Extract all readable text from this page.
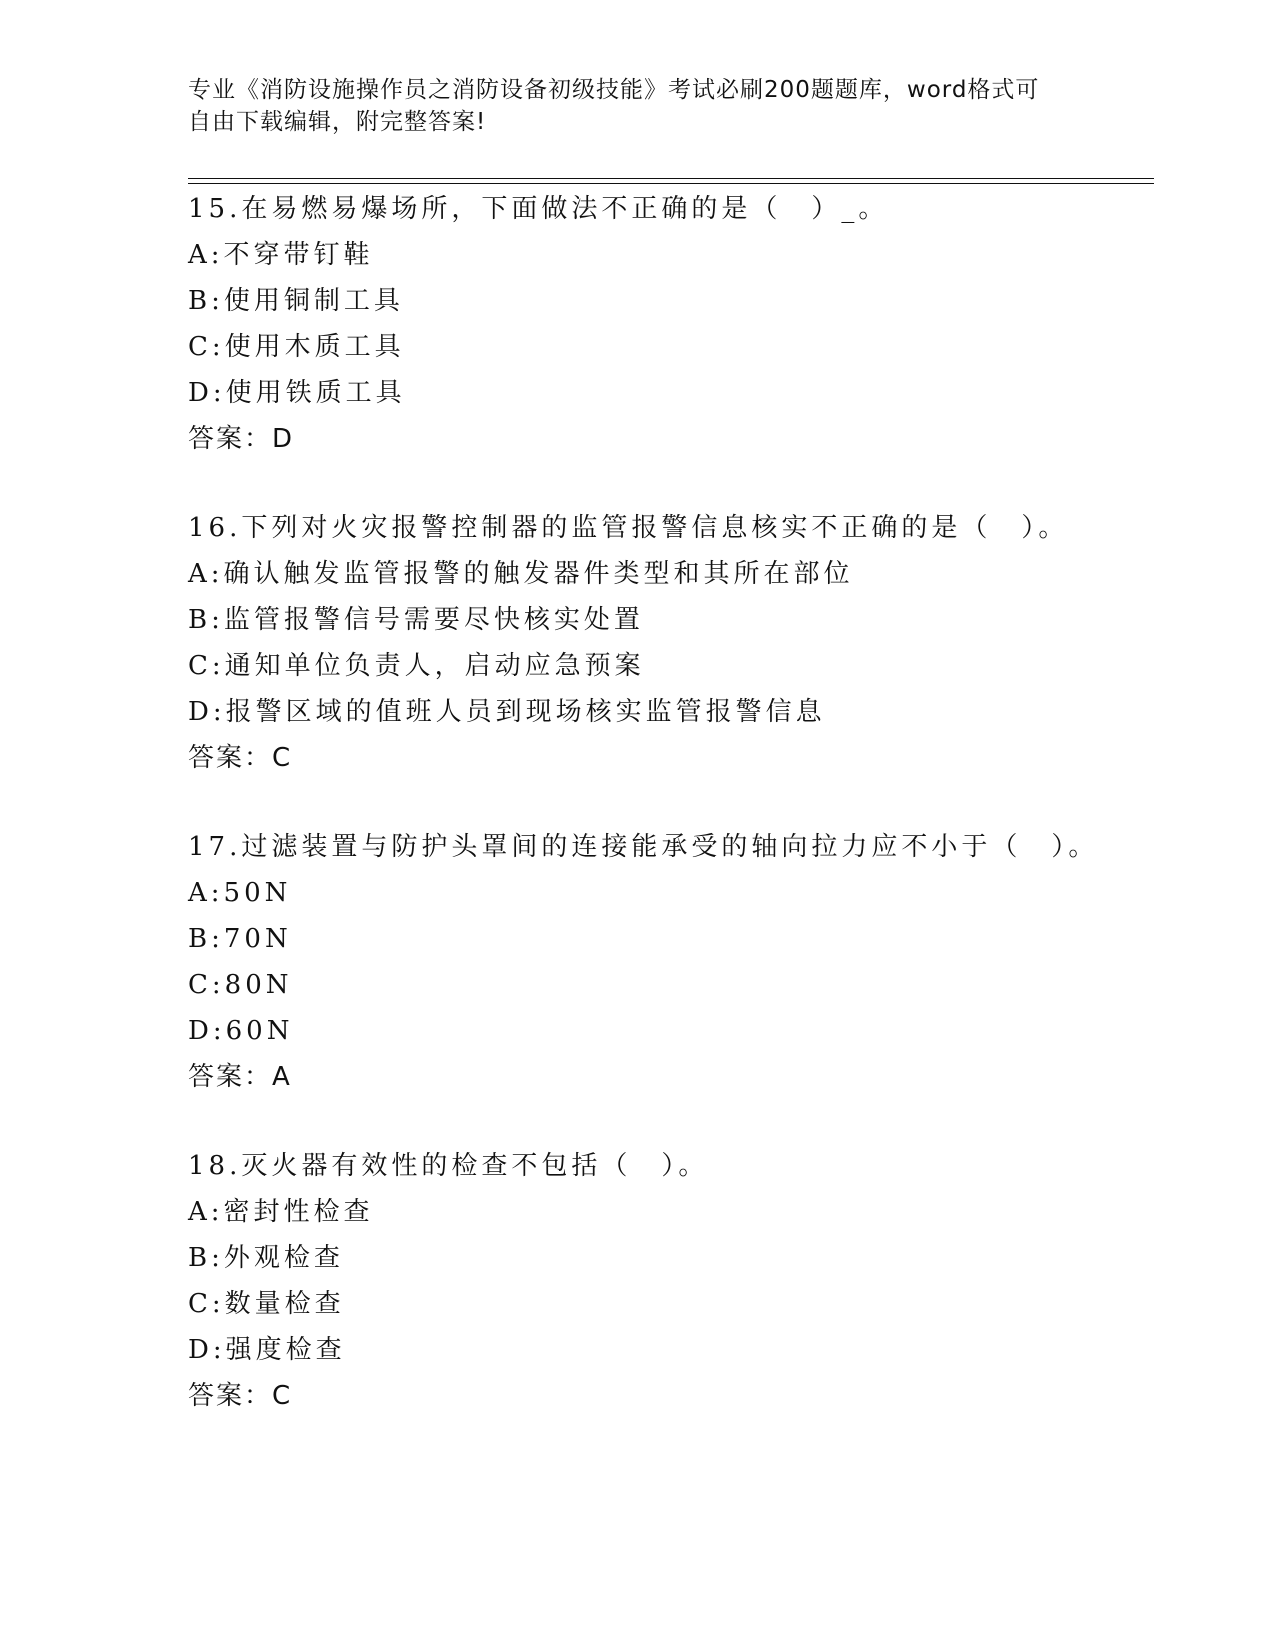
专业《消防设施操作员之消防设备初级技能》考试必刷200题题库，word格式可
自由下载编辑，附完整答案!
15.在易燃易爆场所，下面做法不正确的是（　）_。
A:不穿带钉鞋
B:使用铜制工具
C:使用木质工具
D:使用铁质工具
答案：D
16.下列对火灾报警控制器的监管报警信息核实不正确的是（　）。
A:确认触发监管报警的触发器件类型和其所在部位
B:监管报警信号需要尽快核实处置
C:通知单位负责人，启动应急预案
D:报警区域的值班人员到现场核实监管报警信息
答案：C
17.过滤装置与防护头罩间的连接能承受的轴向拉力应不小于（　）。
A:50N
B:70N
C:80N
D:60N
答案：A
18.灭火器有效性的检查不包括（　）。
A:密封性检查
B:外观检查
C:数量检查
D:强度检查
答案：C
